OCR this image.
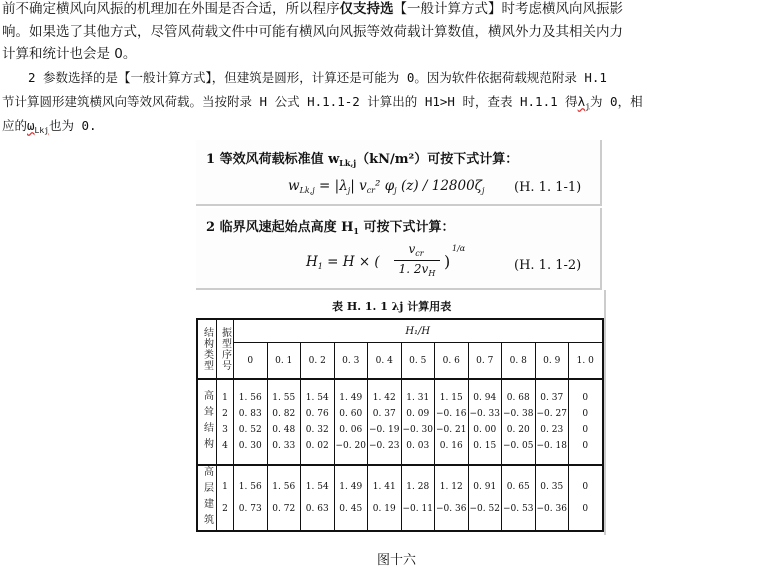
前不确定横风向风振的机理加在外围是否合适，所以程序仅支持选【一般计算方式】时考虑横风向风振影
响。如果选了其他方式，尽管风荷载文件中可能有横风向风振等效荷载计算数值，横风外力及其相关内力
计算和统计也会是 0。
2 参数选择的是【一般计算方式】，但建筑是圆形，计算还是可能为 0。因为软件依据荷载规范附录 H.1
节计算圆形建筑横风向等效风荷载。当按附录 H 公式 H.1.1-2 计算出的 H1>H 时，查表 H.1.1 得$\lambda_j$为 0，相
应的$\omega_{Lkj}$也为 0.
1 等效风荷载标准值 $w_{Lk,j}(kN/m^2)$可按下式计算：
$w_{Lk,j} = |\lambda_j|$ $v_{cr}^2$ $\varphi_j$ $(z) / 12800\zeta_j$ (H. 1. 1-1)
2 临界风速起始点高度 $H_1$ 可按下式计算：
$H_1 = H$ × (
$v_{cr}$
1. $2v_H$
)
1/α
(H. 1. 1-2)
表 H. 1. 1 λj 计算用表
结构类型	振型序号	H₁/H										
		0	0. 1	0. 2	0. 3	0. 4	0. 5	0. 6	0. 7	0. 8	0. 9	1. 0
高耸结构	1	1. 56	1. 55	1. 54	1. 49	1. 42	1. 31	1. 15	0. 94	0. 68	0. 37	0
	2	0. 83	0. 82	0. 76	0. 60	0. 37	0. 09	−0. 16	−0. 33	−0. 38	−0. 27	0
	3	0. 52	0. 48	0. 32	0. 06	−0. 19	−0. 30	−0. 21	0. 00	0. 20	0. 23	0
	4	0. 30	0. 33	0. 02	−0. 20	−0. 23	0. 03	0. 16	0. 15	−0. 05	−0. 18	0
高层建筑	1	1. 56	1. 56	1. 54	1. 49	1. 41	1. 28	1. 12	0. 91	0. 65	0. 35	0
	2	0. 73	0. 72	0. 63	0. 45	0. 19	−0. 11	−0. 36	−0. 52	−0. 53	−0. 36	0
图十六
